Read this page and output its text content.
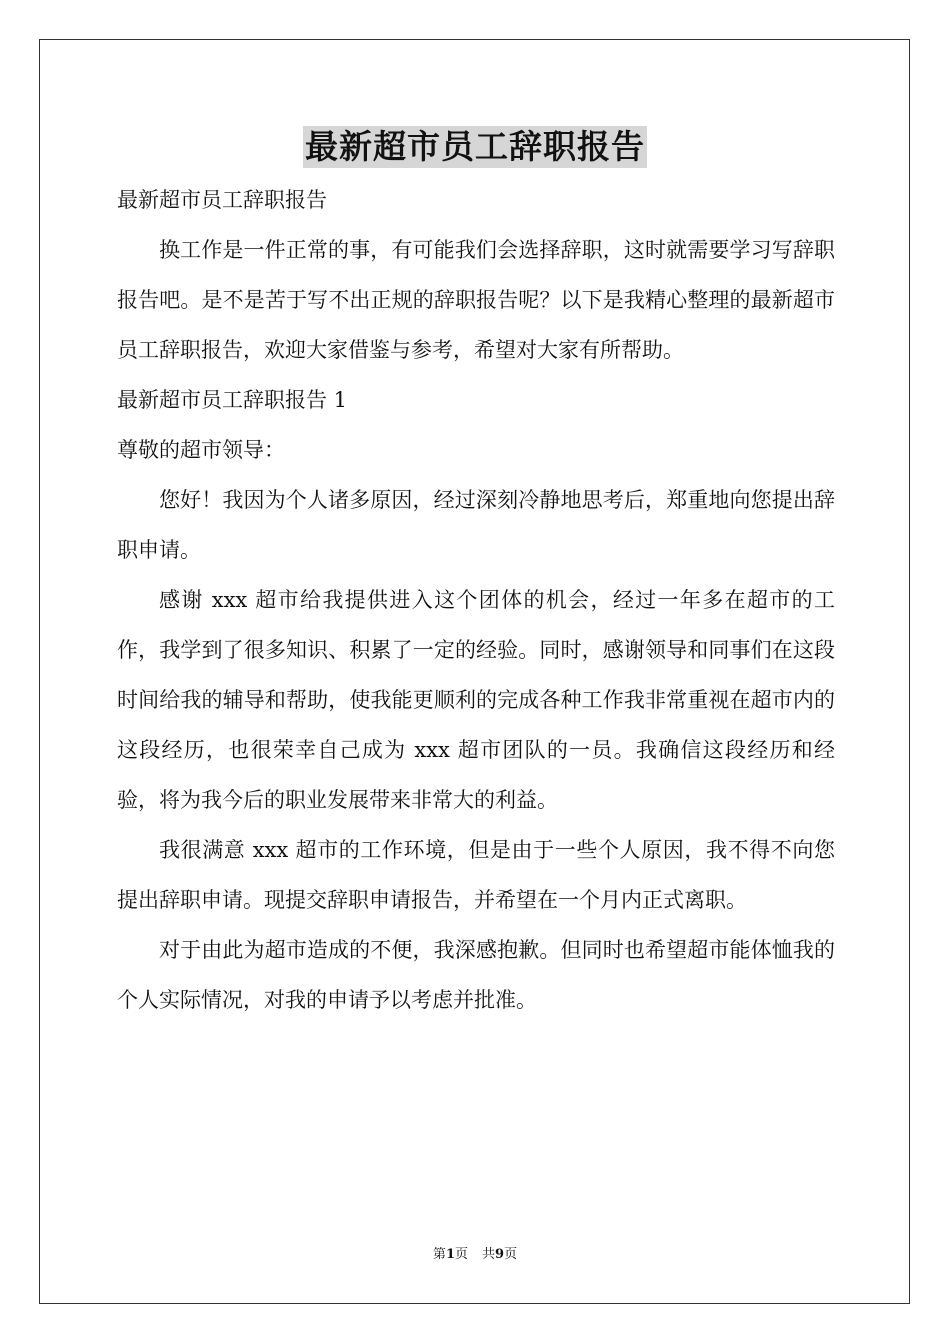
最新超市员工辞职报告

最新超市员工辞职报告

换工作是一件正常的事，有可能我们会选择辞职，这时就需要学习写辞职报告吧。是不是苦于写不出正规的辞职报告呢？以下是我精心整理的最新超市员工辞职报告，欢迎大家借鉴与参考，希望对大家有所帮助。

最新超市员工辞职报告 1

尊敬的超市领导：

您好！我因为个人诸多原因，经过深刻冷静地思考后，郑重地向您提出辞职申请。

感谢 xxx 超市给我提供进入这个团体的机会，经过一年多在超市的工作，我学到了很多知识、积累了一定的经验。同时，感谢领导和同事们在这段时间给我的辅导和帮助，使我能更顺利的完成各种工作我非常重视在超市内的这段经历，也很荣幸自己成为 xxx 超市团队的一员。我确信这段经历和经验，将为我今后的职业发展带来非常大的利益。

我很满意 xxx 超市的工作环境，但是由于一些个人原因，我不得不向您提出辞职申请。现提交辞职申请报告，并希望在一个月内正式离职。

对于由此为超市造成的不便，我深感抱歉。但同时也希望超市能体恤我的个人实际情况，对我的申请予以考虑并批准。

第1页 共9页
